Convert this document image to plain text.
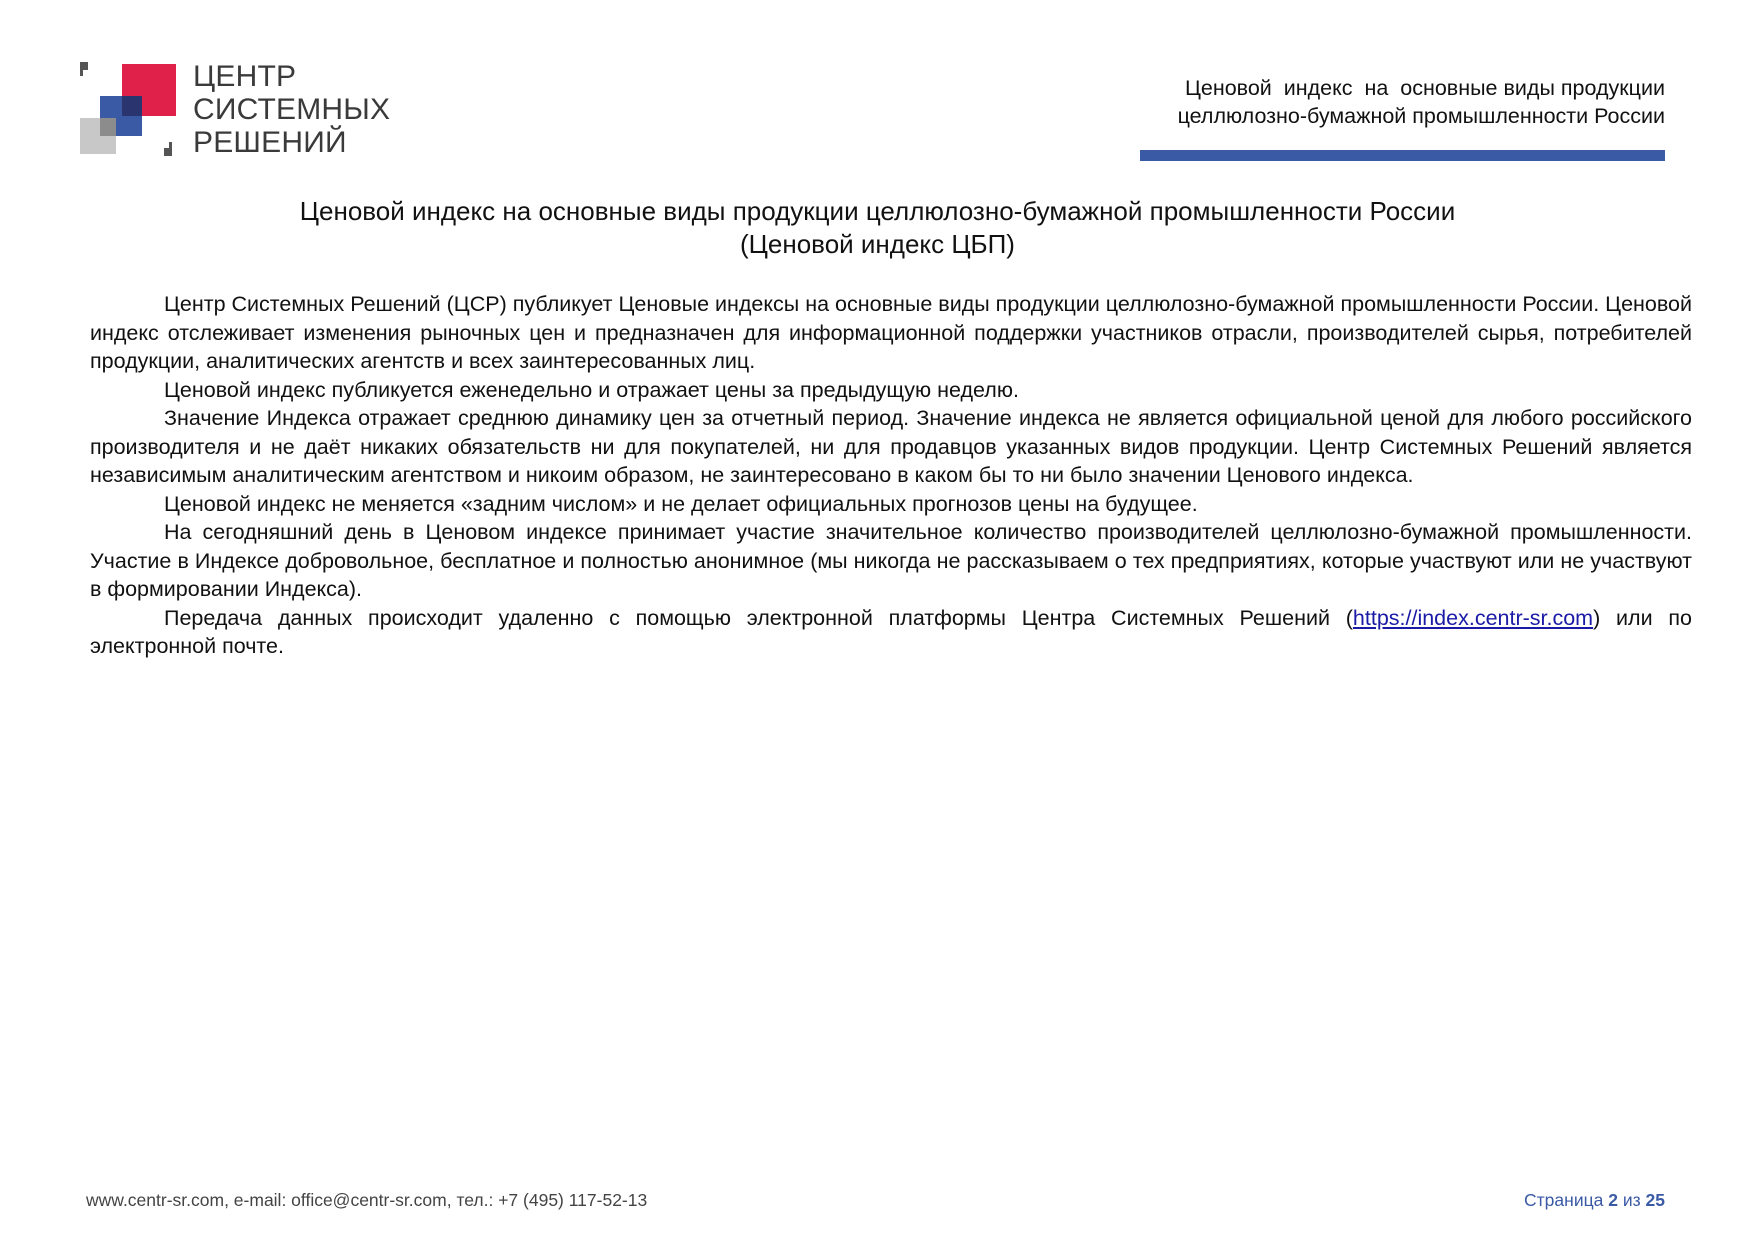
ЦЕНТР
СИСТЕМНЫХ
РЕШЕНИЙ
Ценовой  индекс  на  основные виды продукции
целлюлозно-бумажной промышленности России
Ценовой индекс на основные виды продукции целлюлозно-бумажной промышленности России
(Ценовой индекс ЦБП)

Центр Системных Решений (ЦСР) публикует Ценовые индексы на основные виды продукции целлюлозно-бумажной промышленности России. Ценовой индекс отслеживает изменения рыночных цен и предназначен для информационной поддержки участников отрасли, производителей сырья, потребителей продукции, аналитических агентств и всех заинтересованных лиц.

Ценовой индекс публикуется еженедельно и отражает цены за предыдущую неделю.

Значение Индекса отражает среднюю динамику цен за отчетный период. Значение индекса не является официальной ценой для любого российского производителя и не даёт никаких обязательств ни для покупателей, ни для продавцов указанных видов продукции. Центр Системных Решений является независимым аналитическим агентством и никоим образом, не заинтересовано в каком бы то ни было значении Ценового индекса.

Ценовой индекс не меняется «задним числом» и не делает официальных прогнозов цены на будущее.

На сегодняшний день в Ценовом индексе принимает участие значительное количество производителей целлюлозно-бумажной промышленности. Участие в Индексе добровольное, бесплатное и полностью анонимное (мы никогда не рассказываем о тех предприятиях, которые участвуют или не участвуют в формировании Индекса).

Передача данных происходит удаленно с помощью электронной платформы Центра Системных Решений (https://index.centr-sr.com) или по электронной почте.

www.centr-sr.com, e-mail: office@centr-sr.com, тел.: +7 (495) 117-52-13	Страница 2 из 25
